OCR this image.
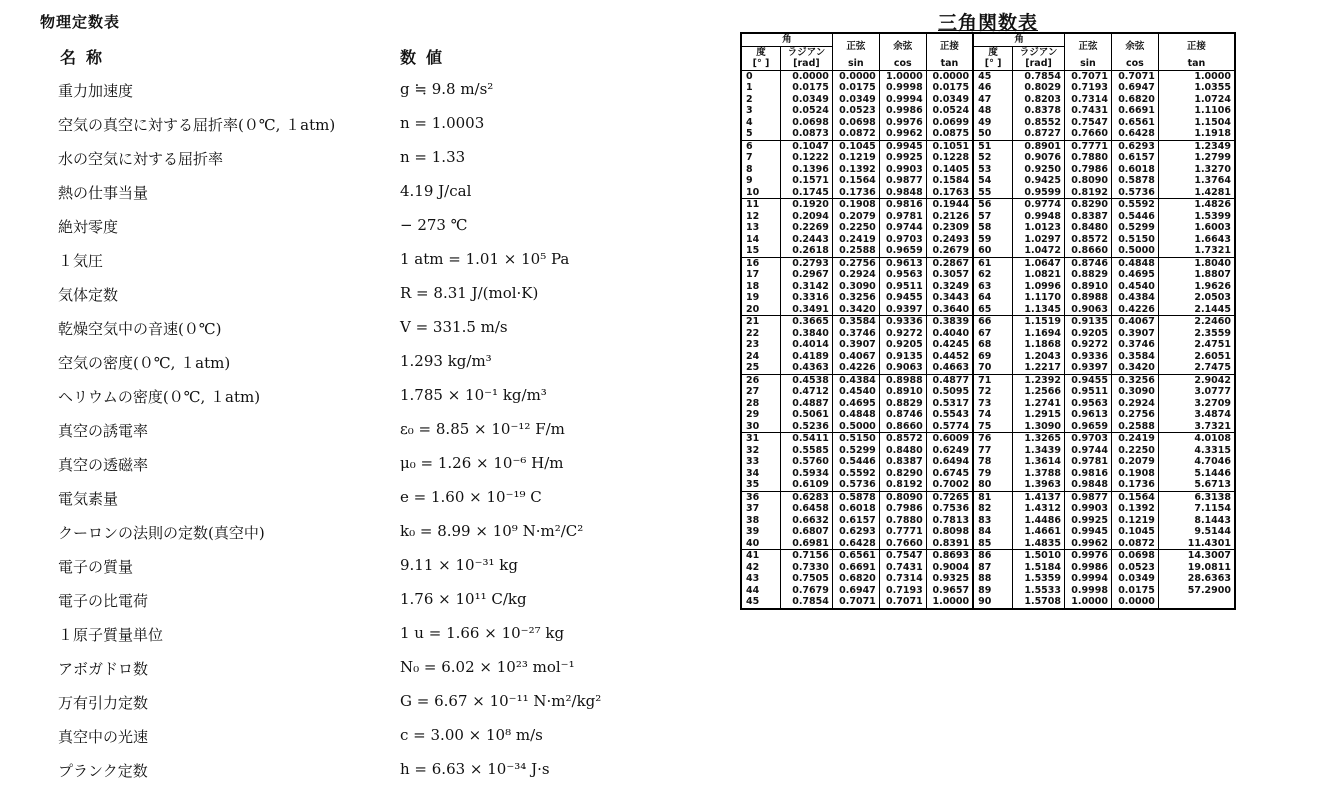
物理定数表
名称	数値
重力加速度	g ≒ 9.8 m/s²
空気の真空に対する屈折率(０℃, １atm)	n = 1.0003
水の空気に対する屈折率	n = 1.33
熱の仕事当量	4.19 J/cal
絶対零度	− 273 ℃
１気圧	1 atm = 1.01 × 10⁵ Pa
気体定数	R = 8.31 J/(mol·K)
乾燥空気中の音速(０℃)	V = 331.5 m/s
空気の密度(０℃, １atm)	1.293 kg/m³
ヘリウムの密度(０℃, １atm)	1.785 × 10⁻¹ kg/m³
真空の誘電率	ε₀ = 8.85 × 10⁻¹² F/m
真空の透磁率	μ₀ = 1.26 × 10⁻⁶ H/m
電気素量	e = 1.60 × 10⁻¹⁹ C
クーロンの法則の定数(真空中)	k₀ = 8.99 × 10⁹ N·m²/C²
電子の質量	9.11 × 10⁻³¹ kg
電子の比電荷	1.76 × 10¹¹ C/kg
１原子質量単位	1 u = 1.66 × 10⁻²⁷ kg
アボガドロ数	N₀ = 6.02 × 10²³ mol⁻¹
万有引力定数	G = 6.67 × 10⁻¹¹ N·m²/kg²
真空中の光速	c = 3.00 × 10⁸ m/s
プランク定数	h = 6.63 × 10⁻³⁴ J·s
三角関数表
角		正弦	余弦	正接	角		正弦	余弦	正接
度	ラジアン				度	ラジアン			
[° ]	[rad]	sin	cos	tan	[° ]	[rad]	sin	cos	tan
0	0.0000	0.0000	1.0000	0.0000	45	0.7854	0.7071	0.7071	1.0000
1	0.0175	0.0175	0.9998	0.0175	46	0.8029	0.7193	0.6947	1.0355
2	0.0349	0.0349	0.9994	0.0349	47	0.8203	0.7314	0.6820	1.0724
3	0.0524	0.0523	0.9986	0.0524	48	0.8378	0.7431	0.6691	1.1106
4	0.0698	0.0698	0.9976	0.0699	49	0.8552	0.7547	0.6561	1.1504
5	0.0873	0.0872	0.9962	0.0875	50	0.8727	0.7660	0.6428	1.1918
6	0.1047	0.1045	0.9945	0.1051	51	0.8901	0.7771	0.6293	1.2349
7	0.1222	0.1219	0.9925	0.1228	52	0.9076	0.7880	0.6157	1.2799
8	0.1396	0.1392	0.9903	0.1405	53	0.9250	0.7986	0.6018	1.3270
9	0.1571	0.1564	0.9877	0.1584	54	0.9425	0.8090	0.5878	1.3764
10	0.1745	0.1736	0.9848	0.1763	55	0.9599	0.8192	0.5736	1.4281
11	0.1920	0.1908	0.9816	0.1944	56	0.9774	0.8290	0.5592	1.4826
12	0.2094	0.2079	0.9781	0.2126	57	0.9948	0.8387	0.5446	1.5399
13	0.2269	0.2250	0.9744	0.2309	58	1.0123	0.8480	0.5299	1.6003
14	0.2443	0.2419	0.9703	0.2493	59	1.0297	0.8572	0.5150	1.6643
15	0.2618	0.2588	0.9659	0.2679	60	1.0472	0.8660	0.5000	1.7321
16	0.2793	0.2756	0.9613	0.2867	61	1.0647	0.8746	0.4848	1.8040
17	0.2967	0.2924	0.9563	0.3057	62	1.0821	0.8829	0.4695	1.8807
18	0.3142	0.3090	0.9511	0.3249	63	1.0996	0.8910	0.4540	1.9626
19	0.3316	0.3256	0.9455	0.3443	64	1.1170	0.8988	0.4384	2.0503
20	0.3491	0.3420	0.9397	0.3640	65	1.1345	0.9063	0.4226	2.1445
21	0.3665	0.3584	0.9336	0.3839	66	1.1519	0.9135	0.4067	2.2460
22	0.3840	0.3746	0.9272	0.4040	67	1.1694	0.9205	0.3907	2.3559
23	0.4014	0.3907	0.9205	0.4245	68	1.1868	0.9272	0.3746	2.4751
24	0.4189	0.4067	0.9135	0.4452	69	1.2043	0.9336	0.3584	2.6051
25	0.4363	0.4226	0.9063	0.4663	70	1.2217	0.9397	0.3420	2.7475
26	0.4538	0.4384	0.8988	0.4877	71	1.2392	0.9455	0.3256	2.9042
27	0.4712	0.4540	0.8910	0.5095	72	1.2566	0.9511	0.3090	3.0777
28	0.4887	0.4695	0.8829	0.5317	73	1.2741	0.9563	0.2924	3.2709
29	0.5061	0.4848	0.8746	0.5543	74	1.2915	0.9613	0.2756	3.4874
30	0.5236	0.5000	0.8660	0.5774	75	1.3090	0.9659	0.2588	3.7321
31	0.5411	0.5150	0.8572	0.6009	76	1.3265	0.9703	0.2419	4.0108
32	0.5585	0.5299	0.8480	0.6249	77	1.3439	0.9744	0.2250	4.3315
33	0.5760	0.5446	0.8387	0.6494	78	1.3614	0.9781	0.2079	4.7046
34	0.5934	0.5592	0.8290	0.6745	79	1.3788	0.9816	0.1908	5.1446
35	0.6109	0.5736	0.8192	0.7002	80	1.3963	0.9848	0.1736	5.6713
36	0.6283	0.5878	0.8090	0.7265	81	1.4137	0.9877	0.1564	6.3138
37	0.6458	0.6018	0.7986	0.7536	82	1.4312	0.9903	0.1392	7.1154
38	0.6632	0.6157	0.7880	0.7813	83	1.4486	0.9925	0.1219	8.1443
39	0.6807	0.6293	0.7771	0.8098	84	1.4661	0.9945	0.1045	9.5144
40	0.6981	0.6428	0.7660	0.8391	85	1.4835	0.9962	0.0872	11.4301
41	0.7156	0.6561	0.7547	0.8693	86	1.5010	0.9976	0.0698	14.3007
42	0.7330	0.6691	0.7431	0.9004	87	1.5184	0.9986	0.0523	19.0811
43	0.7505	0.6820	0.7314	0.9325	88	1.5359	0.9994	0.0349	28.6363
44	0.7679	0.6947	0.7193	0.9657	89	1.5533	0.9998	0.0175	57.2900
45	0.7854	0.7071	0.7071	1.0000	90	1.5708	1.0000	0.0000	
